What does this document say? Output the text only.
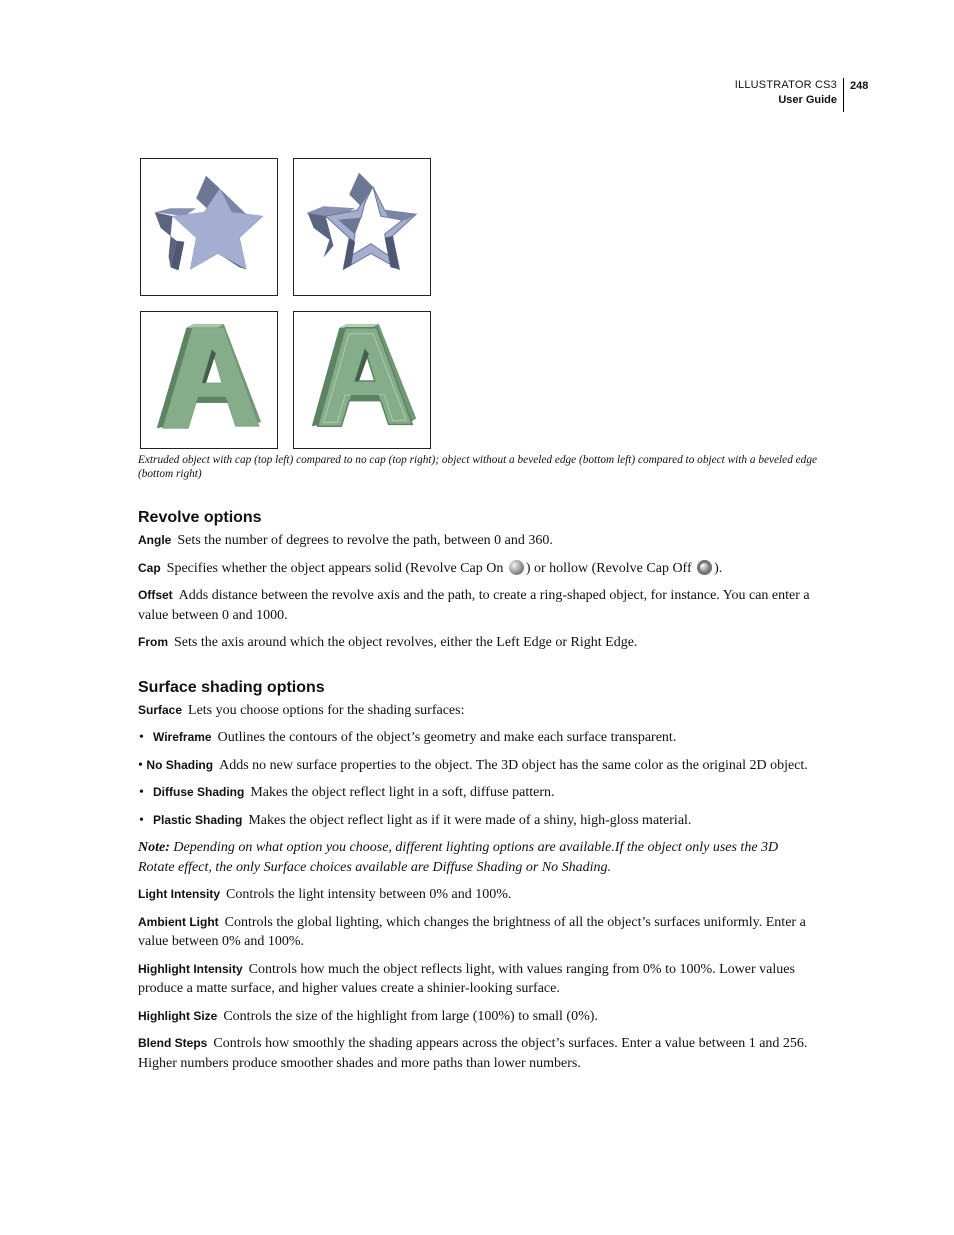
ILLUSTRATOR CS3
User Guide
248
Extruded object with cap (top left) compared to no cap (top right); object without a beveled edge (bottom left) compared to object with a beveled edge (bottom right)
Revolve options

Angle Sets the number of degrees to revolve the path, between 0 and 360.

Cap Specifies whether the object appears solid (Revolve Cap On ) or hollow (Revolve Cap Off ).

Offset Adds distance between the revolve axis and the path, to create a ring-shaped object, for instance. You can enter a value between 0 and 1000.

From Sets the axis around which the object revolves, either the Left Edge or Right Edge.

Surface shading options

Surface Lets you choose options for the shading surfaces:

• Wireframe Outlines the contours of the object’s geometry and make each surface transparent.

• No Shading Adds no new surface properties to the object. The 3D object has the same color as the original 2D object.

• Diffuse Shading Makes the object reflect light in a soft, diffuse pattern.

• Plastic Shading Makes the object reflect light as if it were made of a shiny, high-gloss material.

Note: Depending on what option you choose, different lighting options are available.If the object only uses the 3D Rotate effect, the only Surface choices available are Diffuse Shading or No Shading.

Light Intensity Controls the light intensity between 0% and 100%.

Ambient Light Controls the global lighting, which changes the brightness of all the object’s surfaces uniformly. Enter a value between 0% and 100%.

Highlight Intensity Controls how much the object reflects light, with values ranging from 0% to 100%. Lower values produce a matte surface, and higher values create a shinier-looking surface.

Highlight Size Controls the size of the highlight from large (100%) to small (0%).

Blend Steps Controls how smoothly the shading appears across the object’s surfaces. Enter a value between 1 and 256. Higher numbers produce smoother shades and more paths than lower numbers.
